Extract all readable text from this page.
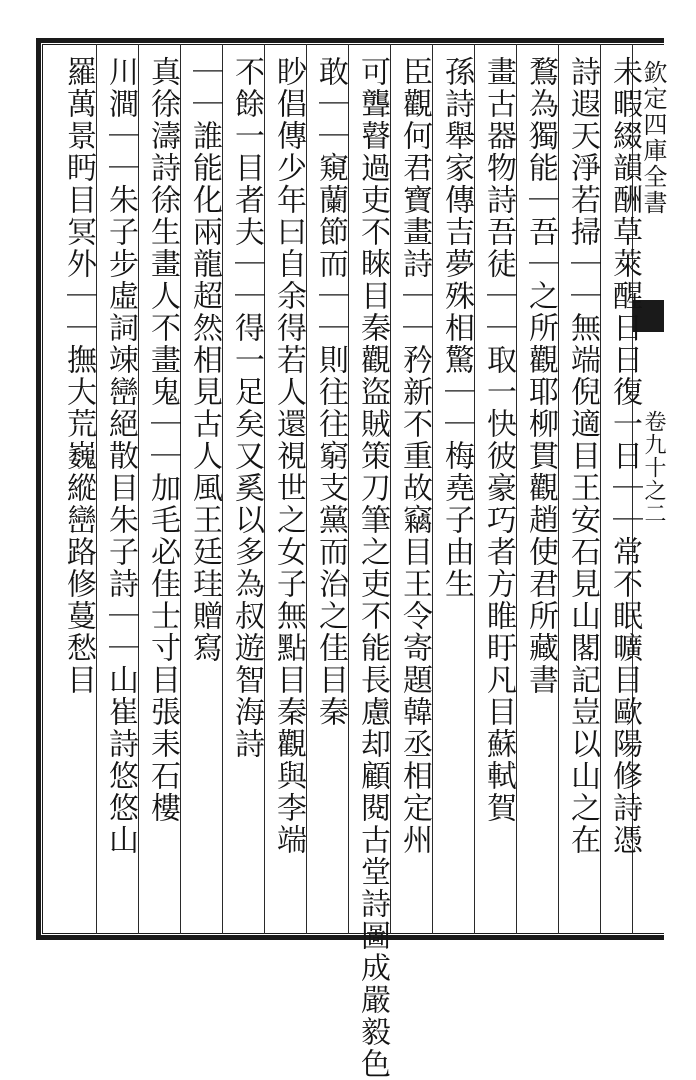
欽定四庫全書
卷九十之二
未暇綴韻酬草萊醒日日復一日｜｜常不眠曠目歐陽修詩憑
詩遐天淨若掃｜｜無端倪適目王安石見山閣記豈以山之在
鶩為獨能｜吾｜之所觀耶柳貫觀趙使君所藏書
畫古器物詩吾徒｜｜取一快彼豪巧者方睢盱凡目蘇軾賀
孫詩舉家傳吉夢殊相驚｜｜梅堯子由生
臣觀何君寶畫詩｜｜矜新不重故竊目王令寄題韓丞相定州
可聾瞽過吏不睞目秦觀盜賊策刀筆之吏不能長慮却顧閱古堂詩圖成嚴毅色
敢｜｜窺蘭節而｜｜則往往窮支黨而治之佳目秦
眇倡傳少年曰自余得若人還視世之女子無點目秦觀與李端
不餘一目者夫｜｜得一足矣又奚以多為叔遊智海詩
｜｜誰能化兩龍超然相見古人風王廷珪贈寫
真徐濤詩徐生畫人不畫鬼｜｜加毛必佳士寸目張耒石樓
川澗｜｜朱子步虛詞竦巒絕散目朱子詩｜｜山崔詩悠悠山
羅萬景眄目冥外｜｜撫大荒巍縱巒路修蔓愁目
